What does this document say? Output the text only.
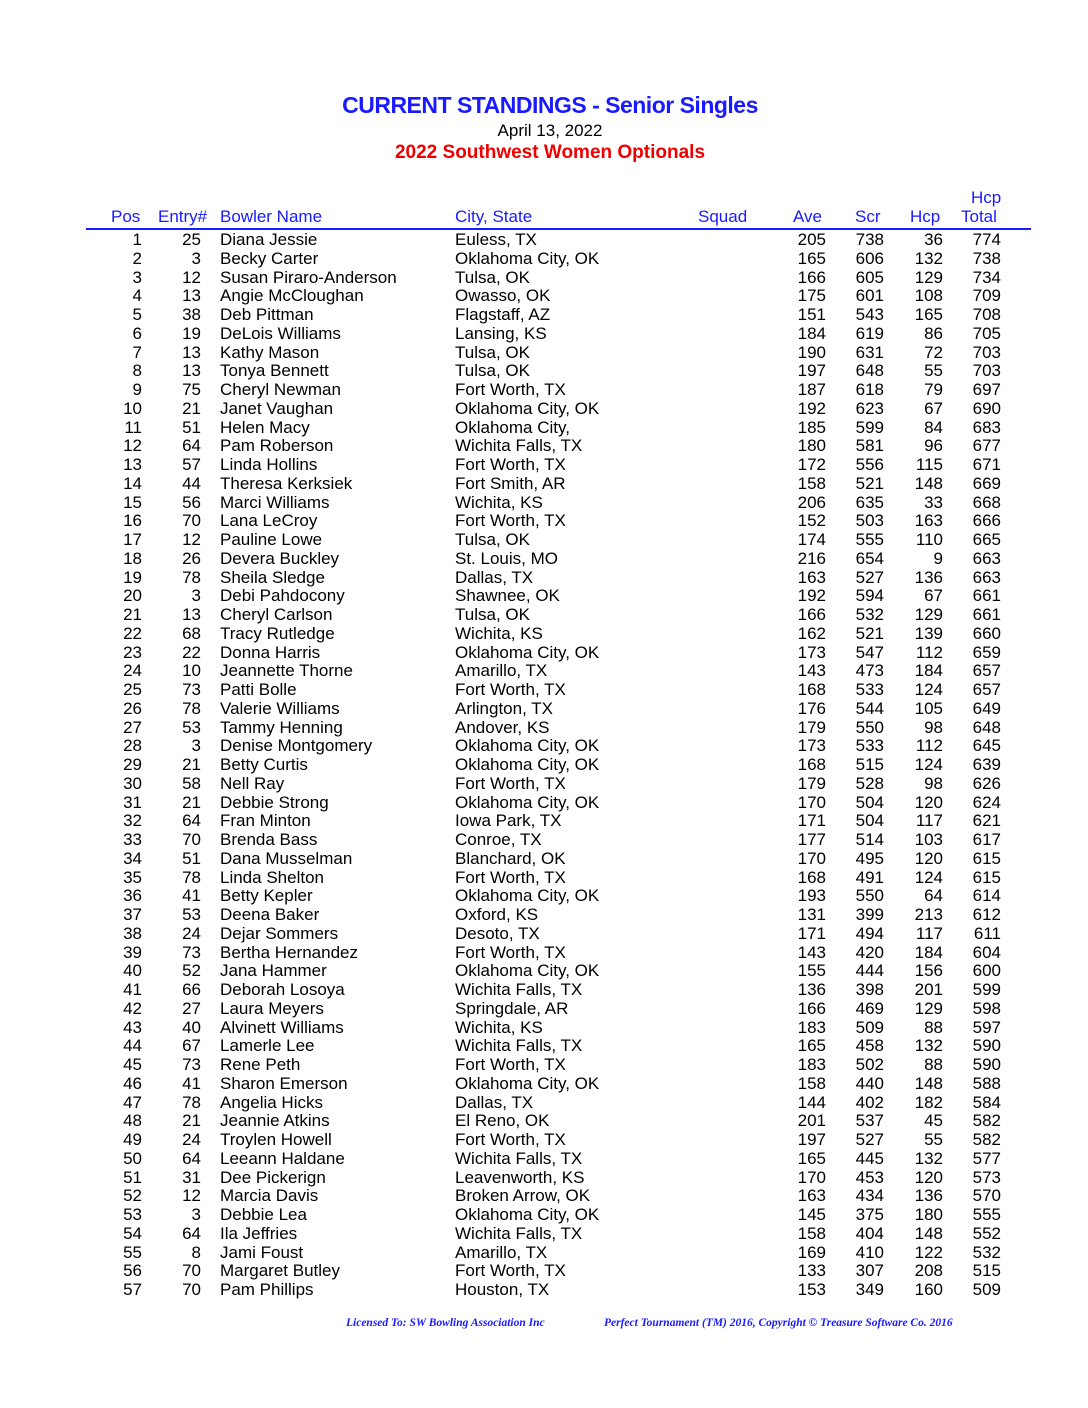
CURRENT STANDINGS - Senior Singles
April 13, 2022
2022 Southwest Women Optionals
Pos Entry# Bowler Name	City, State	Squad	Ave Scr Hcp
Hcp
Total
1 25 Diana Jessie	Euless, TX	205 738 36 774
2	3 Becky Carter	Oklahoma City, OK	165 606 132 738
3 12 Susan Piraro-Anderson	Tulsa, OK	166 605 129 734
4 13 Angie McCloughan	Owasso, OK	175 601 108 709
5 38 Deb Pittman	Flagstaff, AZ	151 543 165 708
6 19 DeLois Williams	Lansing, KS	184 619 86 705
7 13 Kathy Mason	Tulsa, OK	190 631 72 703
8 13 Tonya Bennett	Tulsa, OK	197 648 55 703
9 75 Cheryl Newman	Fort Worth, TX	187 618 79 697
10 21 Janet Vaughan	Oklahoma City, OK	192 623 67 690
11 51 Helen Macy	Oklahoma City,	185 599 84 683
12 64 Pam Roberson	Wichita Falls, TX	180 581 96 677
13 57 Linda Hollins	Fort Worth, TX	172 556 115 671
14 44 Theresa Kerksiek	Fort Smith, AR	158 521 148 669
15 56 Marci Williams	Wichita, KS	206 635 33 668
16 70 Lana LeCroy	Fort Worth, TX	152 503 163 666
17 12 Pauline Lowe	Tulsa, OK	174 555 110 665
18 26 Devera Buckley	St. Louis, MO	216 654	9 663
19 78 Sheila Sledge	Dallas, TX	163 527 136 663
20	3 Debi Pahdocony	Shawnee, OK	192 594 67 661
21 13 Cheryl Carlson	Tulsa, OK	166 532 129 661
22 68 Tracy Rutledge	Wichita, KS	162 521 139 660
23 22 Donna Harris	Oklahoma City, OK	173 547 112 659
24 10 Jeannette Thorne	Amarillo, TX	143 473 184 657
25 73 Patti Bolle	Fort Worth, TX	168 533 124 657
26 78 Valerie Williams	Arlington, TX	176 544 105 649
27 53 Tammy Henning	Andover, KS	179 550 98 648
28	3 Denise Montgomery	Oklahoma City, OK	173 533 112 645
29 21 Betty Curtis	Oklahoma City, OK	168 515 124 639
30 58 Nell Ray	Fort Worth, TX	179 528 98 626
31 21 Debbie Strong	Oklahoma City, OK	170 504 120 624
32 64 Fran Minton	Iowa Park, TX	171 504 117 621
33 70 Brenda Bass	Conroe, TX	177 514 103 617
34 51 Dana Musselman	Blanchard, OK	170 495 120 615
35 78 Linda Shelton	Fort Worth, TX	168 491 124 615
36 41 Betty Kepler	Oklahoma City, OK	193 550 64 614
37 53 Deena Baker	Oxford, KS	131 399 213 612
38 24 Dejar Sommers	Desoto, TX	171 494 117 611
39 73 Bertha Hernandez	Fort Worth, TX	143 420 184 604
40 52 Jana Hammer	Oklahoma City, OK	155 444 156 600
41 66 Deborah Losoya	Wichita Falls, TX	136 398 201 599
42 27 Laura Meyers	Springdale, AR	166 469 129 598
43 40 Alvinett Williams	Wichita, KS	183 509 88 597
44 67 Lamerle Lee	Wichita Falls, TX	165 458 132 590
45 73 Rene Peth	Fort Worth, TX	183 502 88 590
46 41 Sharon Emerson	Oklahoma City, OK	158 440 148 588
47 78 Angelia Hicks	Dallas, TX	144 402 182 584
48 21 Jeannie Atkins	El Reno, OK	201 537 45 582
49 24 Troylen Howell	Fort Worth, TX	197 527 55 582
50 64 Leeann Haldane	Wichita Falls, TX	165 445 132 577
51 31 Dee Pickerign	Leavenworth, KS	170 453 120 573
52 12 Marcia Davis	Broken Arrow, OK	163 434 136 570
53	3 Debbie Lea	Oklahoma City, OK	145 375 180 555
54 64 Ila Jeffries	Wichita Falls, TX	158 404 148 552
55	8 Jami Foust	Amarillo, TX	169 410 122 532
56 70 Margaret Butley	Fort Worth, TX	133 307 208 515
57 70 Pam Phillips	Houston, TX	153 349 160 509
Licensed To: SW Bowling Association Inc	Perfect Tournament (TM) 2016, Copyright © Treasure Software Co. 2016
